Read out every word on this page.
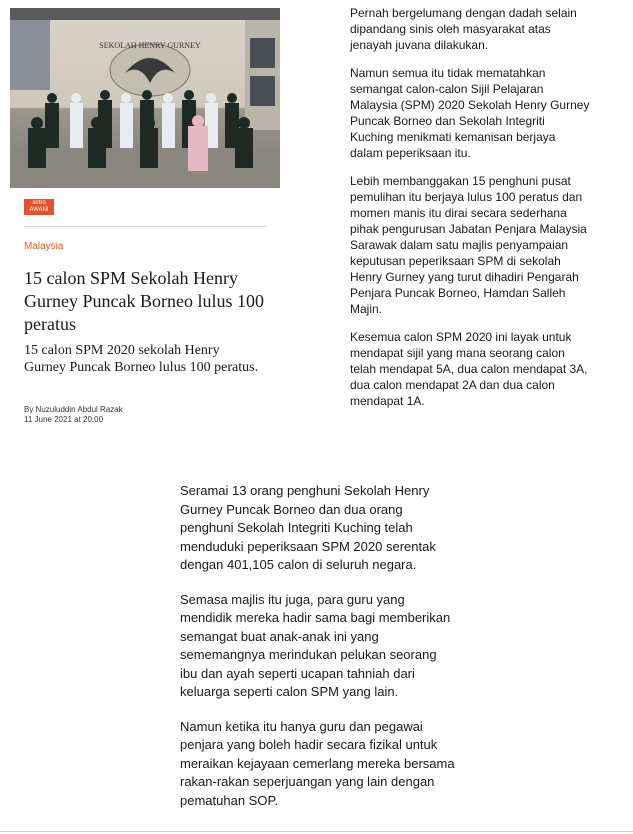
SEKOLAH HENRY GURNEY
astro
AWANI
Malaysia
15 calon SPM Sekolah Henry Gurney Puncak Borneo lulus 100 peratus
15 calon SPM 2020 sekolah Henry Gurney Puncak Borneo lulus 100 peratus.
By Nuzuluddin Abdul Razak
11 June 2021 at 20:00

Pernah bergelumang dengan dadah selain dipandang sinis oleh masyarakat atas jenayah juvana dilakukan.

Namun semua itu tidak mematahkan semangat calon-calon Sijil Pelajaran Malaysia (SPM) 2020 Sekolah Henry Gurney Puncak Borneo dan Sekolah Integriti Kuching menikmati kemanisan berjaya dalam peperiksaan itu.

Lebih membanggakan 15 penghuni pusat pemulihan itu berjaya lulus 100 peratus dan momen manis itu dirai secara sederhana pihak pengurusan Jabatan Penjara Malaysia Sarawak dalam satu majlis penyampaian keputusan peperiksaan SPM di sekolah Henry Gurney yang turut dihadiri Pengarah Penjara Puncak Borneo, Hamdan Salleh Majin.

Kesemua calon SPM 2020 ini layak untuk mendapat sijil yang mana seorang calon telah mendapat 5A, dua calon mendapat 3A, dua calon mendapat 2A dan dua calon mendapat 1A.

Seramai 13 orang penghuni Sekolah Henry Gurney Puncak Borneo dan dua orang penghuni Sekolah Integriti Kuching telah menduduki peperiksaan SPM 2020 serentak dengan 401,105 calon di seluruh negara.

Semasa majlis itu juga, para guru yang mendidik mereka hadir sama bagi memberikan semangat buat anak-anak ini yang sememangnya merindukan pelukan seorang ibu dan ayah seperti ucapan tahniah dari keluarga seperti calon SPM yang lain.

Namun ketika itu hanya guru dan pegawai penjara yang boleh hadir secara fizikal untuk meraikan kejayaan cemerlang mereka bersama rakan-rakan seperjuangan yang lain dengan pematuhan SOP.
